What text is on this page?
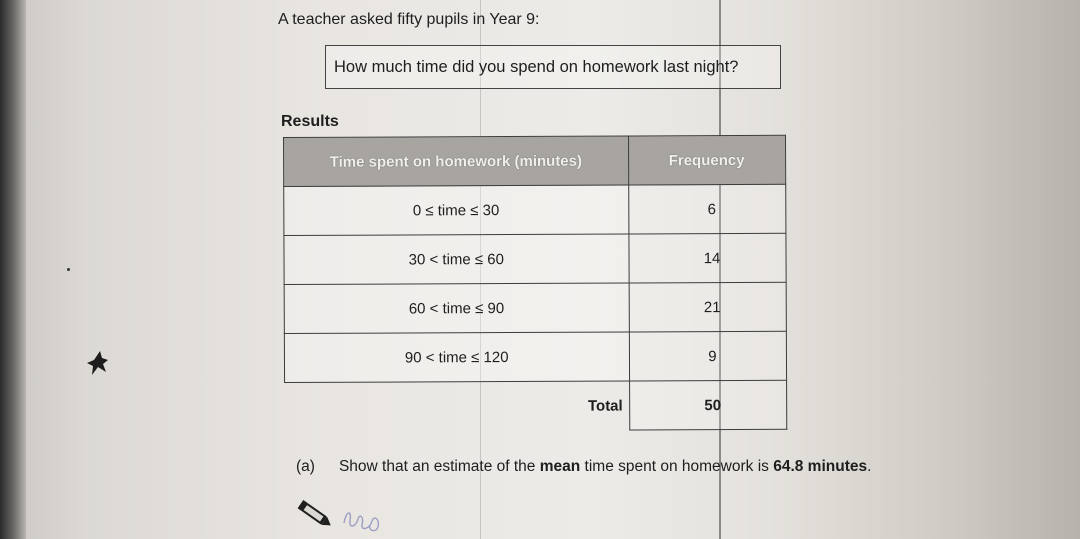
A teacher asked fifty pupils in Year 9:

How much time did you spend on homework last night?

Results

Time spent on homework (minutes)	Frequency
0 ≤ time ≤ 30	6
30 < time ≤ 60	14
60 < time ≤ 90	21
90 < time ≤ 120	9
Total	50
(a) Show that an estimate of the mean time spent on homework is 64.8 minutes.
